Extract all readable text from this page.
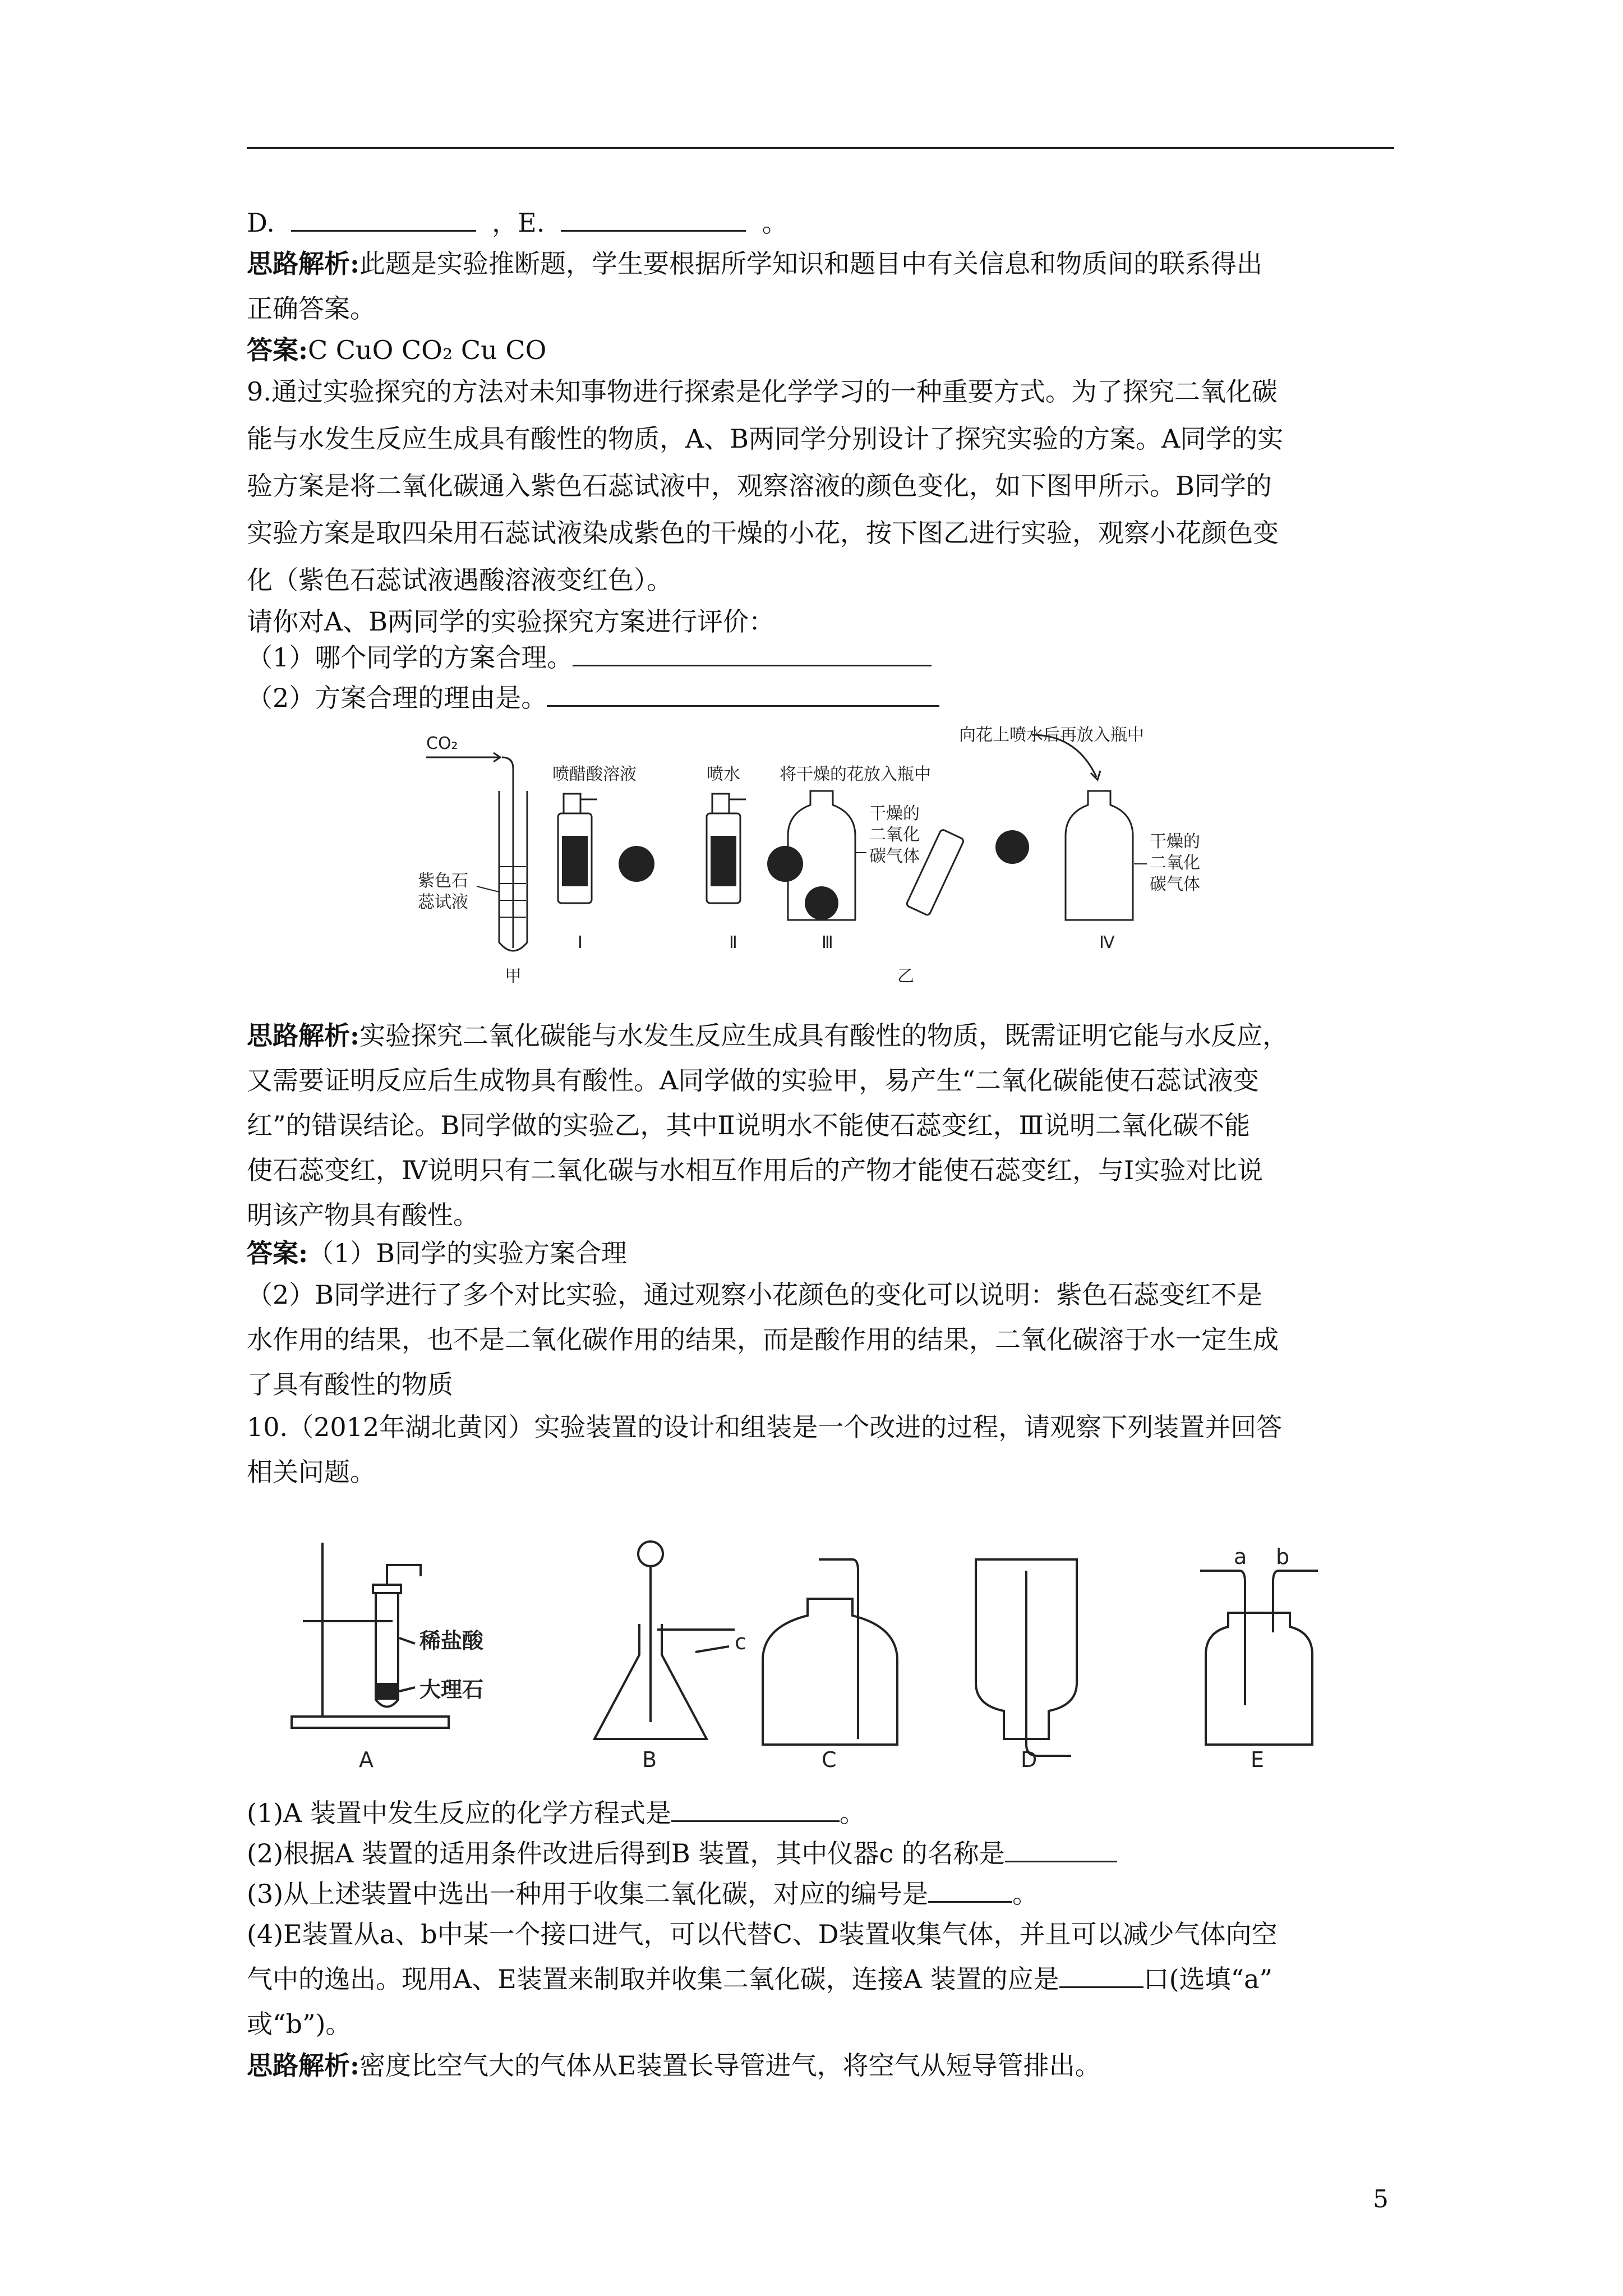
D.	，E.	。
思路解析:此题是实验推断题，学生要根据所学知识和题目中有关信息和物质间的联系得出
正确答案。
答案:C CuO CO₂ Cu CO
9.通过实验探究的方法对未知事物进行探索是化学学习的一种重要方式。为了探究二氧化碳
能与水发生反应生成具有酸性的物质，A、B两同学分别设计了探究实验的方案。A同学的实
验方案是将二氧化碳通入紫色石蕊试液中，观察溶液的颜色变化，如下图甲所示。B同学的
实验方案是取四朵用石蕊试液染成紫色的干燥的小花，按下图乙进行实验，观察小花颜色变
化（紫色石蕊试液遇酸溶液变红色）。
请你对A、B两同学的实验探究方案进行评价：
（1）哪个同学的方案合理。
（2）方案合理的理由是。
CO₂
紫色石
蕊试液
甲
喷醋酸溶液	喷水 将干燥的花放入瓶中
向花上喷水后再放入瓶中
干燥的
二氧化
碳气体
干燥的
二氧化
碳气体
Ⅰ	Ⅱ	Ⅲ	Ⅳ
乙
思路解析:实验探究二氧化碳能与水发生反应生成具有酸性的物质，既需证明它能与水反应，
又需要证明反应后生成物具有酸性。A同学做的实验甲，易产生“二氧化碳能使石蕊试液变
红”的错误结论。B同学做的实验乙，其中Ⅱ说明水不能使石蕊变红，Ⅲ说明二氧化碳不能
使石蕊变红，Ⅳ说明只有二氧化碳与水相互作用后的产物才能使石蕊变红，与Ⅰ实验对比说
明该产物具有酸性。
答案:（1）B同学的实验方案合理
（2）B同学进行了多个对比实验，通过观察小花颜色的变化可以说明：紫色石蕊变红不是
水作用的结果，也不是二氧化碳作用的结果，而是酸作用的结果，二氧化碳溶于水一定生成
了具有酸性的物质
10.（2012年湖北黄冈）实验装置的设计和组装是一个改进的过程，请观察下列装置并回答
相关问题。
稀盐酸
大理石
c
a b
A	B	C	D	E
(1)A 装置中发生反应的化学方程式是	。
(2)根据A 装置的适用条件改进后得到B 装置，其中仪器c 的名称是
(3)从上述装置中选出一种用于收集二氧化碳，对应的编号是	。
(4)E装置从a、b中某一个接口进气，可以代替C、D装置收集气体，并且可以减少气体向空
气中的逸出。现用A、E装置来制取并收集二氧化碳，连接A 装置的应是	口(选填“a”
或“b”)。
思路解析:密度比空气大的气体从E装置长导管进气，将空气从短导管排出。
5
